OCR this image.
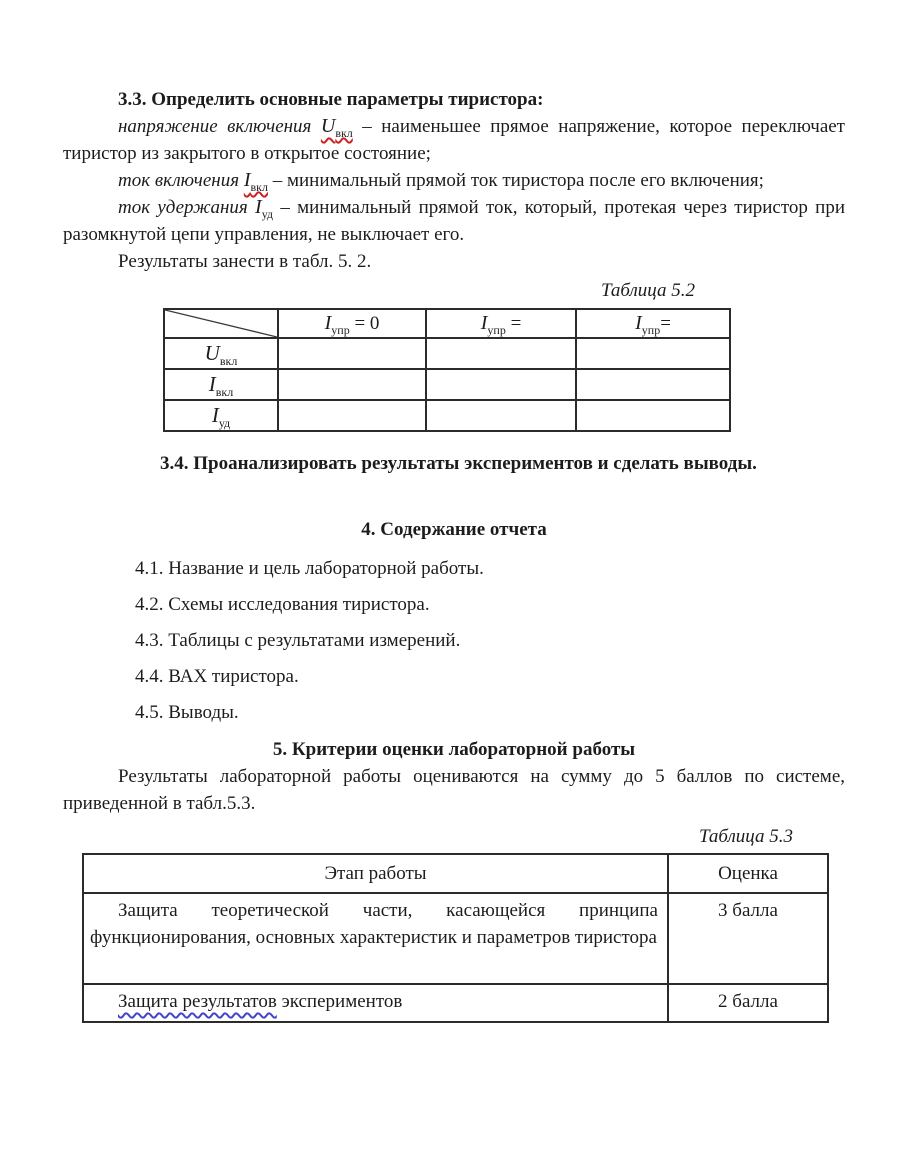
3.3. Определить основные параметры тиристора:

напряжение включения $U_{вкл}$ – наименьшее прямое напряжение, которое переключает тиристор из закрытого в открытое состояние;

ток включения $I_{вкл}$ – минимальный прямой ток тиристора после его включения;

ток удержания $I_{уд}$ – минимальный прямой ток, который, протекая через тиристор при разомкнутой цепи управления, не выключает его.

Результаты занести в табл. 5. 2.

Таблица 5.2

	$I_{упр} = 0$	$I_{упр}$ =	$I_{упр}=$
$U_{вкл}$			
$I_{вкл}$			
$I_{уд}$			

3.4. Проанализировать результаты экспериментов и сделать выводы.

4. Содержание отчета

4.1. Название и цель лабораторной работы.

4.2. Схемы исследования тиристора.

4.3. Таблицы с результатами измерений.

4.4. ВАХ тиристора.

4.5. Выводы.

5. Критерии оценки лабораторной работы

Результаты лабораторной работы оцениваются на сумму до 5 баллов по системе, приведенной в табл.5.3.

Таблица 5.3

Этап работы	Оценка
Защита теоретической части, касающейся принципа функционирования, основных характеристик и параметров тиристора	3 балла
Защита результатов экспериментов	2 балла
